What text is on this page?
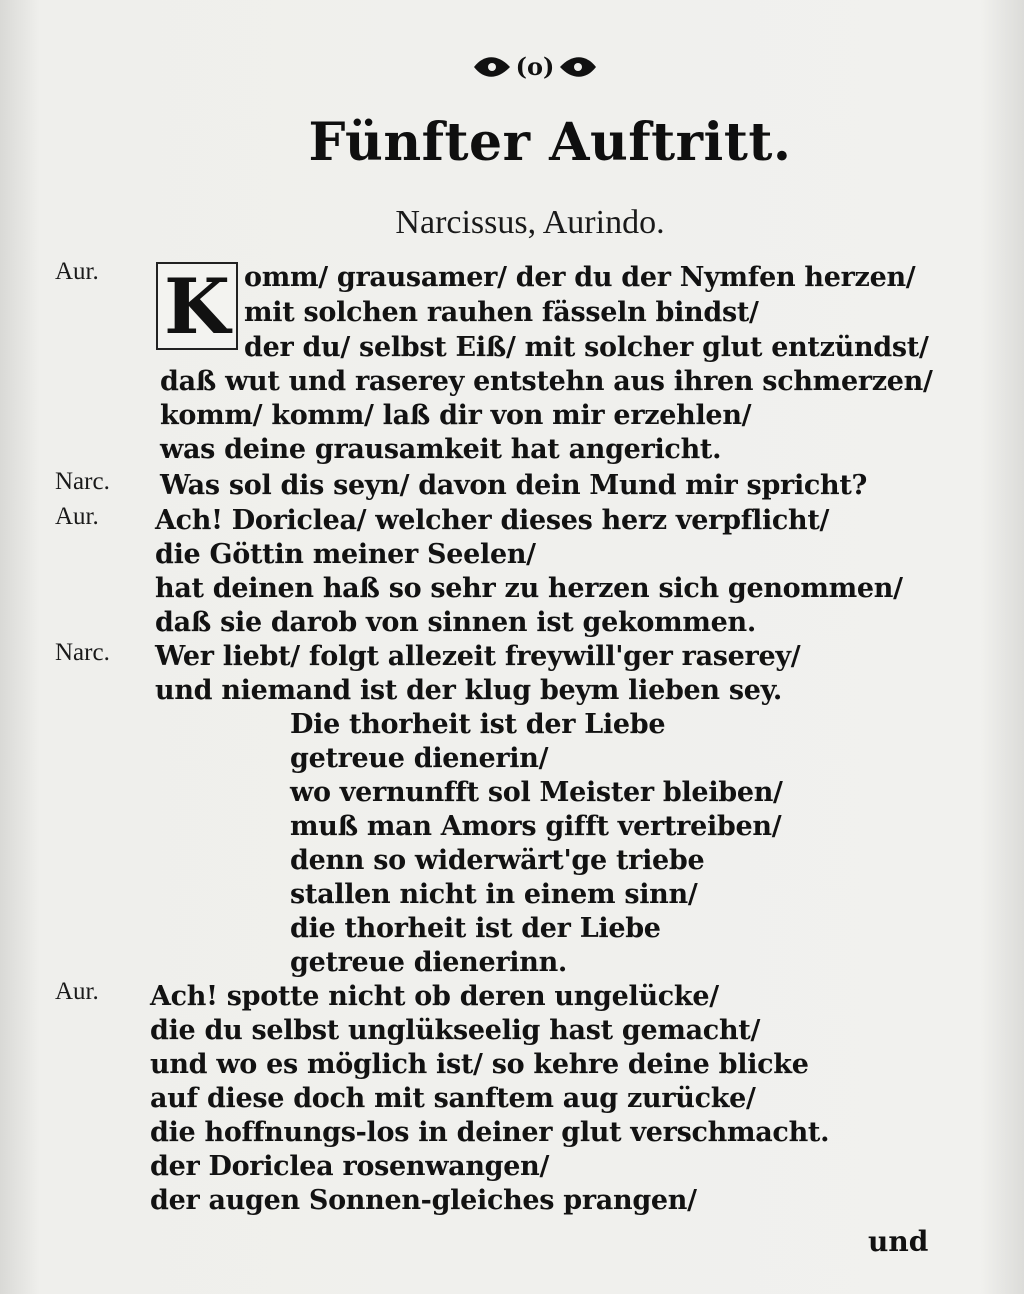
(o)
Fünfter Auftritt.
Narcissus, Aurindo.
Aur.
Narc.
Aur.
Narc.
Aur.
K omm/ grausamer/ der du der Nymfen herzen/
mit solchen rauhen fässeln bindst/
der du/ selbst Eiß/ mit solcher glut entzündst/
daß wut und raserey entstehn aus ihren schmerzen/
komm/ komm/ laß dir von mir erzehlen/
was deine grausamkeit hat angericht.
Was sol dis seyn/ davon dein Mund mir spricht?
Ach! Doriclea/ welcher dieses herz verpflicht/
die Göttin meiner Seelen/
hat deinen haß so sehr zu herzen sich genommen/
daß sie darob von sinnen ist gekommen.
Wer liebt/ folgt allezeit freywill'ger raserey/
und niemand ist der klug beym lieben sey.
Die thorheit ist der Liebe
getreue dienerin/
wo vernunfft sol Meister bleiben/
muß man Amors gifft vertreiben/
denn so widerwärt'ge triebe
stallen nicht in einem sinn/
die thorheit ist der Liebe
getreue dienerinn.
Ach! spotte nicht ob deren ungelücke/
die du selbst unglükseelig hast gemacht/
und wo es möglich ist/ so kehre deine blicke
auf diese doch mit sanftem aug zurücke/
die hoffnungs-los in deiner glut verschmacht.
der Doriclea rosenwangen/
der augen Sonnen-gleiches prangen/
und
